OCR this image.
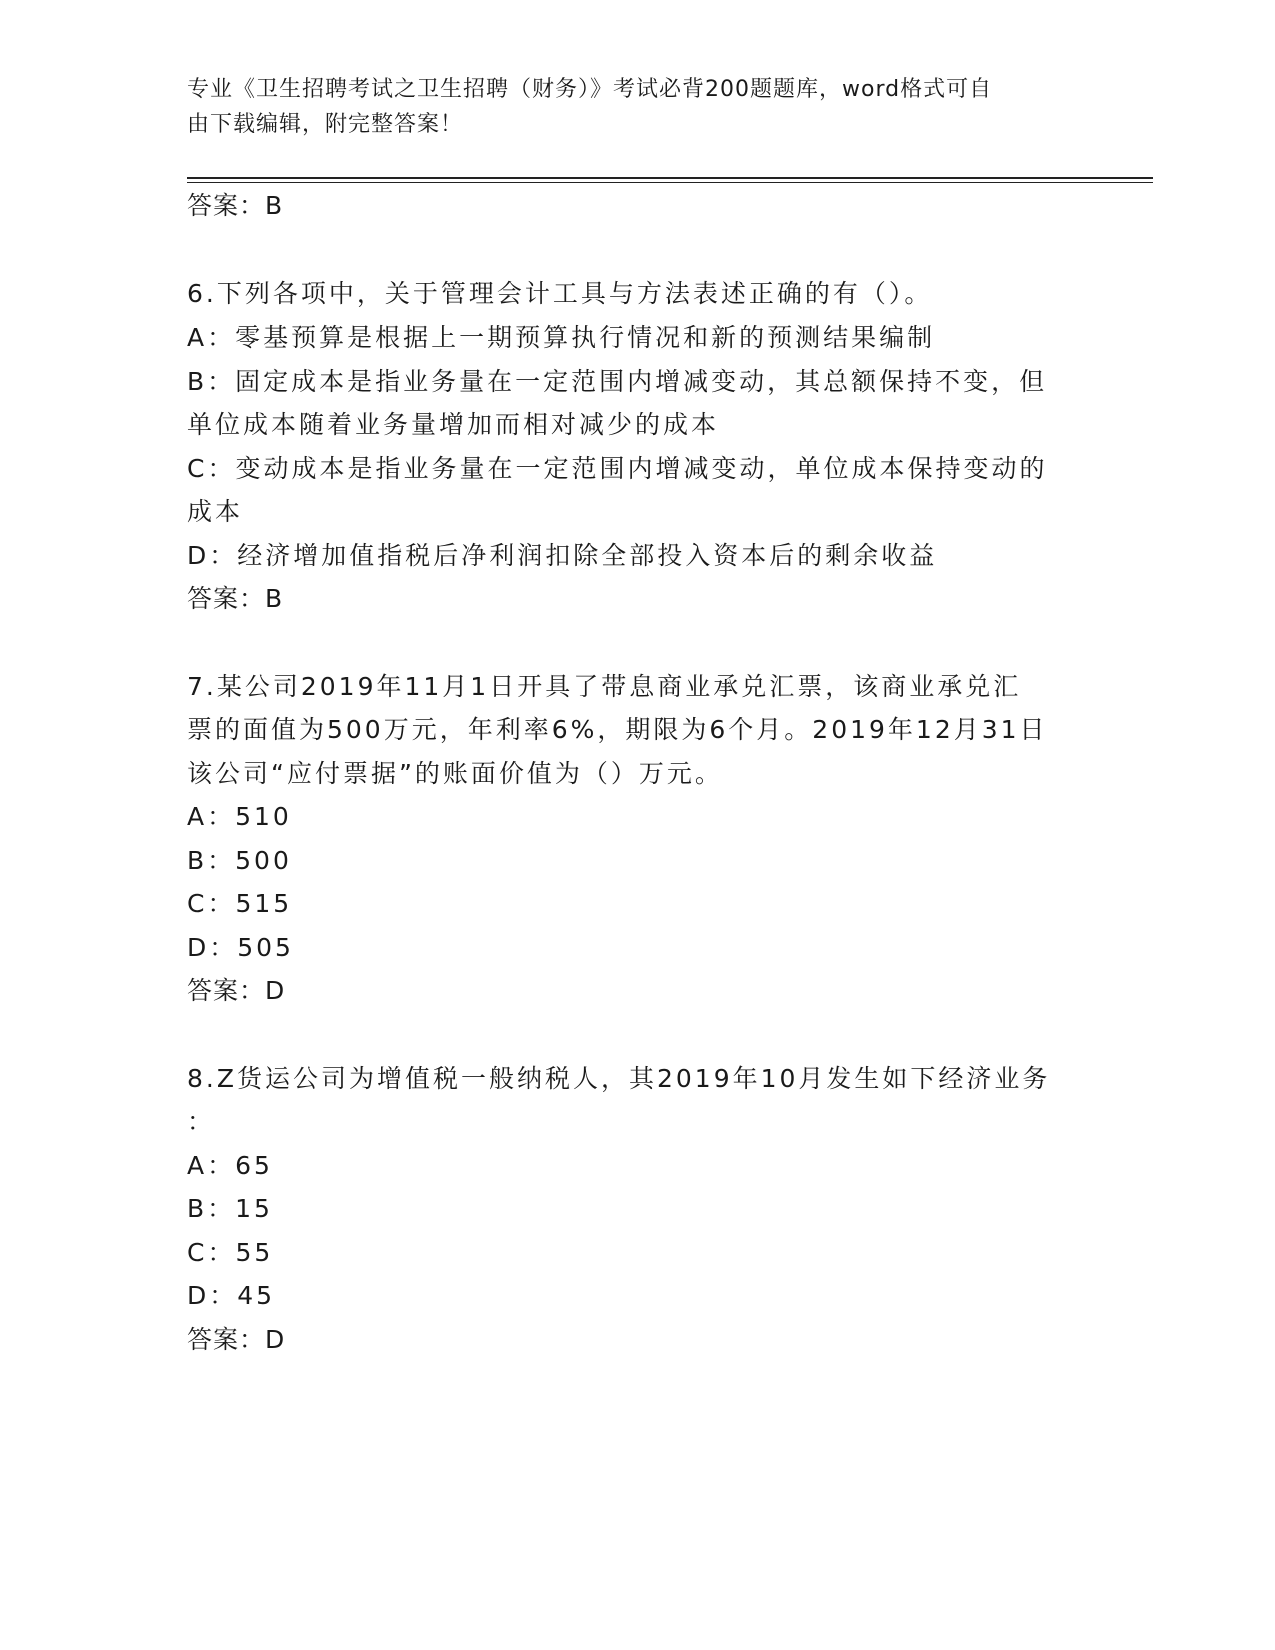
专业《卫生招聘考试之卫生招聘（财务）》考试必背200题题库，word格式可自
由下载编辑，附完整答案！
答案：B
6.下列各项中，关于管理会计工具与方法表述正确的有（）。
A：零基预算是根据上一期预算执行情况和新的预测结果编制
B：固定成本是指业务量在一定范围内增减变动，其总额保持不变，但
单位成本随着业务量增加而相对减少的成本
C：变动成本是指业务量在一定范围内增减变动，单位成本保持变动的
成本
D：经济增加值指税后净利润扣除全部投入资本后的剩余收益
答案：B
7.某公司2019年11月1日开具了带息商业承兑汇票，该商业承兑汇
票的面值为500万元，年利率6%，期限为6个月。2019年12月31日
该公司“应付票据”的账面价值为（）万元。
A：510
B：500
C：515
D：505
答案：D
8.Z货运公司为增值税一般纳税人，其2019年10月发生如下经济业务
：
A：65
B：15
C：55
D：45
答案：D
